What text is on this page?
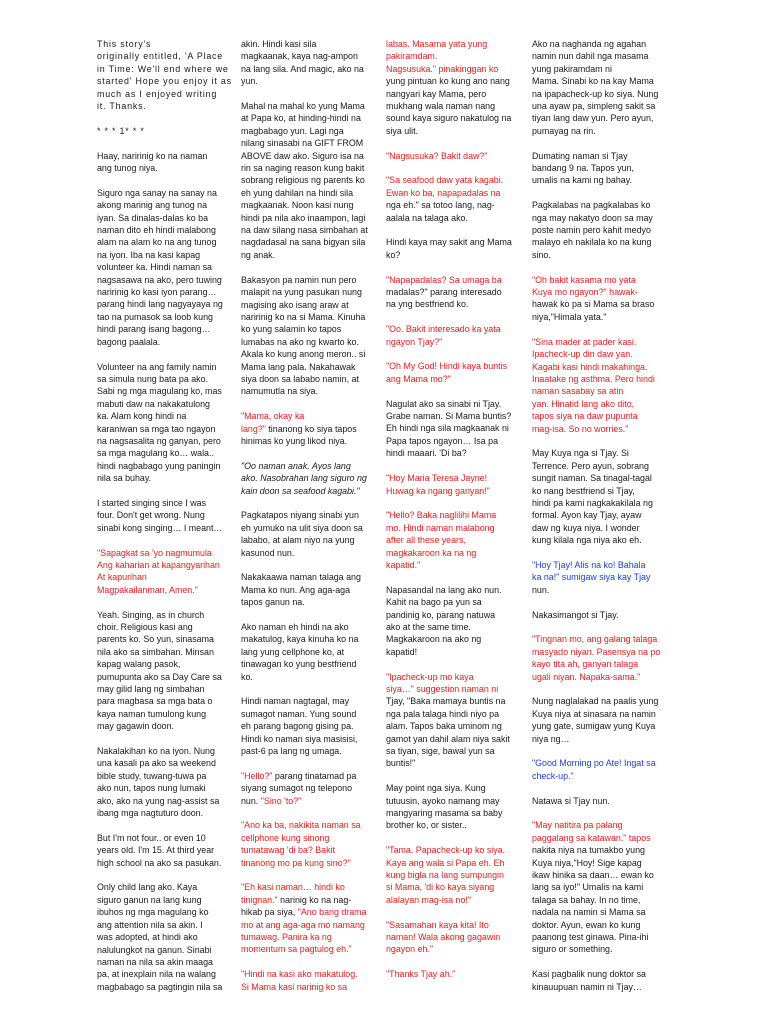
This story's
originally entitled, 'A Place
in Time: We'll end where we
started' Hope you enjoy it as
much as I enjoyed writing
it. Thanks.

* * * 1* * *

Haay, naririnig ko na naman
ang tunog niya.

Siguro nga sanay na sanay na
akong marinig ang tunog na
iyan. Sa dinalas-dalas ko ba
naman dito eh hindi malabong
alam na alam ko na ang tunog
na iyon. Iba na kasi kapag
volunteer ka. Hindi naman sa
nagsasawa na ako, pero tuwing
naririnig ko kasi iyon parang…
parang hindi lang nagyayaya ng
tao na pumasok sa loob kung
hindi parang isang bagong…
bagong paalala.

Volunteer na ang family namin
sa simula nung bata pa ako.
Sabi ng mga magulang ko, mas
mabuti daw na nakakatulong
ka. Alam kong hindi na
karaniwan sa mga tao ngayon
na nagsasalita ng ganyan, pero
sa mga magulang ko… wala..
hindi nagbabago yung paningin
nila sa buhay.

I started singing since I was
four. Don't get wrong. Nung
sinabi kong singing… I meant…

"Sapagkat sa 'yo nagmumula
Ang kaharian at kapangyarihan
At kapurihan
Magpakailanman, Amen."

Yeah. Singing, as in church
choir. Religious kasi ang
parents ko. So yun, sinasama
nila ako sa simbahan. Minsan
kapag walang pasok,
pumupunta ako sa Day Care sa
may gilid lang ng simbahan
para magbasa sa mga bata o
kaya naman tumulong kung
may gagawin doon.

Nakalakihan ko na iyon. Nung
una kasali pa ako sa weekend
bible study, tuwang-tuwa pa
ako nun, tapos nung lumaki
ako, ako na yung nag-assist sa
ibang mga nagtuturo doon.

But I'm not four.. or even 10
years old. I'm 15. At third year
high school na ako sa pasukan.

Only child lang ako. Kaya
siguro ganun na lang kung
ibuhos ng mga magulang ko
ang attention nila sa akin. I
was adopted, at hindi ako
nalulungkot na ganun. Sinabi
naman na nila sa akin maaga
pa, at inexplain nila na walang
magbabago sa pagtingin nila sa

akin. Hindi kasi sila
magkaanak, kaya nag-ampon
na lang sila. And magic, ako na
yun.

Mahal na mahal ko yung Mama
at Papa ko, at hinding-hindi na
magbabago yun. Lagi nga
nilang sinasabi na GIFT FROM
ABOVE daw ako. Siguro isa na
rin sa naging reason kung bakit
sobrang religious ng parents ko
eh yung dahilan na hindi sila
magkaanak. Noon kasi nung
hindi pa nila ako inaampon, lagi
na daw silang nasa simbahan at
nagdadasal na sana bigyan sila
ng anak.

Bakasyon pa namin nun pero
malapit na yung pasukan nung
magising ako isang araw at
naririnig ko na si Mama. Kinuha
ko yung salamin ko tapos
lumabas na ako ng kwarto ko.
Akala ko kung anong meron.. si
Mama lang pala. Nakahawak
siya doon sa lababo namin, at
namumutla na siya.

"Mama, okay ka
lang?" tinanong ko siya tapos
hinimas ko yung likod niya.

"Oo naman anak. Ayos lang
ako. Nasobrahan lang siguro ng
kain doon sa seafood kagabi."

Pagkatapos niyang sinabi yun
eh yumuko na ulit siya doon sa
lababo, at alam niyo na yung
kasunod nun.

Nakakaawa naman talaga ang
Mama ko nun. Ang aga-aga
tapos ganun na.

Ako naman eh hindi na ako
makatulog, kaya kinuha ko na
lang yung cellphone ko, at
tinawagan ko yung bestfriend
ko.

Hindi naman nagtagal, may
sumagot naman. Yung sound
eh parang bagong gising pa.
Hindi ko naman siya masisisi,
past-6 pa lang ng umaga.

"Hello?" parang tinatamad pa
siyang sumagot ng telepono
nun. "Sino 'to?"

"Ano ka ba, nakikita naman sa
cellphone kung sinong
tumatawag 'di ba? Bakit
tinanong mo pa kung sino?"

"Eh kasi naman… hindi ko
tinignan." narinig ko na nag-
hikab pa siya, "Ano bang drama
mo at ang aga-aga mo namang
tumawag. Panira ka ng
momentum sa pagtulog eh."

"Hindi na kasi ako makatulog.
Si Mama kasi narinig ko sa

labas. Masama yata yung
pakiramdam.
Nagsusuka." pinakinggan ko
yung pintuan ko kung ano nang
nangyari kay Mama, pero
mukhang wala naman nang
sound kaya siguro nakatulog na
siya ulit.

"Nagsusuka? Bakit daw?"

"Sa seafood daw yata kagabi.
Ewan ko ba, napapadalas na
nga eh." sa totoo lang, nag-
aalala na talaga ako.

Hindi kaya may sakit ang Mama
ko?

"Napapadalas? Sa umaga ba
madalas?" parang interesado
na yng bestfriend ko.

"Oo. Bakit interesado ka yata
ngayon Tjay?"

"Oh My God! Hindi kaya buntis
ang Mama mo?"

Nagulat ako sa sinabi ni Tjay.
Grabe naman. Si Mama buntis?
Eh hindi nga sila magkaanak ni
Papa tapos ngayon… Isa pa
hindi maaari. 'Di ba?

"Hoy Maria Teresa Jayne!
Huwag ka ngang ganyan!"

"Hello? Baka naglilihi Mama
mo. Hindi naman malabong
after all these years,
magkakaroon ka na ng
kapatid."

Napasandal na lang ako nun.
Kahit na bago pa yun sa
pandinig ko, parang natuwa
ako at the same time.
Magkakaroon na ako ng
kapatid!

"Ipacheck-up mo kaya
siya…" suggestion naman ni
Tjay, "Baka mamaya buntis na
nga pala talaga hindi niyo pa
alam. Tapos baka uminom ng
gamot yan dahil alam niya sakit
sa tiyan, sige, bawal yun sa
buntis!"

May point nga siya. Kung
tutuusin, ayoko namang may
mangyaring masama sa baby
brother ko, or sister..

"Tama. Papacheck-up ko siya.
Kaya ang wala si Papa eh. Eh
kung bigla na lang sumpungin
si Mama, 'di ko kaya siyang
alalayan mag-isa no!"

"Sasamahan kaya kita! Ito
naman! Wala akong gagawin
ngayon eh."

"Thanks Tjay ah."

Ako na naghanda ng agahan
namin nun dahil nga masama
yung pakiramdam ni
Mama. Sinabi ko na kay Mama
na ipapacheck-up ko siya. Nung
una ayaw pa, simpleng sakit sa
tiyan lang daw yun. Pero ayun,
pumayag na rin.

Dumating naman si Tjay
bandang 9 na. Tapos yun,
umalis na kami ng bahay.

Pagkalabas na pagkalabas ko
nga may nakatyo doon sa may
poste namin pero kahit medyo
malayo eh nakilala ko na kung
sino.

"Oh bakit kasama mo yata
Kuya mo ngayon?" hawak-
hawak ko pa si Mama sa braso
niya,"Himala yata."

"Sina mader at pader kasi.
Ipacheck-up din daw yan.
Kagabi kasi hindi makahinga.
Inaatake ng asthma. Pero hindi
naman sasabay sa atin
yan. Hinatid lang ako dito,
tapos siya na daw pupunta
mag-isa. So no worries."

May Kuya nga si Tjay. Si
Terrence. Pero ayun, sobrang
sungit naman. Sa tinagal-tagal
ko nang bestfriend si Tjay,
hindi pa kami nagkakakilala ng
formal. Ayon kay Tjay, ayaw
daw ng kuya niya. I wonder
kung kilala nga niya ako eh.

"Hoy Tjay! Alis na ko! Bahala
ka na!" sumigaw siya kay Tjay
nun.

Nakasimangot si Tjay.

"Tingnan mo, ang galang talaga
masyado niyan. Pasensya na po
kayo tita ah, ganyan talaga
ugali niyan. Napaka-sama."

Nung naglalakad na paalis yung
Kuya niya at sinasara na namin
yung gate, sumigaw yung Kuya
niya ng…

"Good Morning po Ate! Ingat sa
check-up."

Natawa si Tjay nun.

"May natitira pa palang
paggalang sa katawan." tapos
nakita niya na tumakbo yung
Kuya niya,"Hoy! Sige kapag
ikaw hinika sa daan… ewan ko
lang sa iyo!" Umalis na kami
talaga sa bahay. In no time,
nadala na namin si Mama sa
doktor. Ayun, ewan ko kung
paanong test ginawa. Pina-ihi
siguro or something.

Kasi pagbalik nung doktor sa
kinauupuan namin ni Tjay…
